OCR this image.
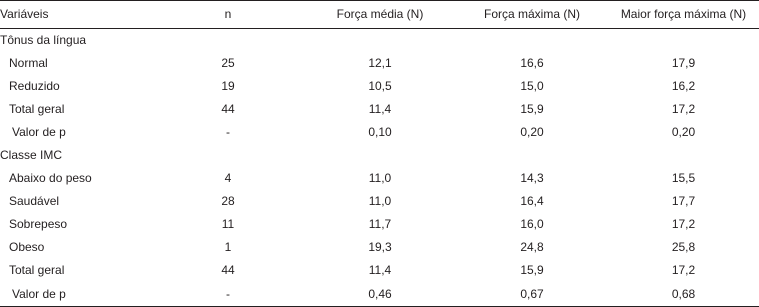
Variáveis	n	Força média (N)	Força máxima (N)	Maior força máxima (N)
Tônus da língua				
Normal	25	12,1	16,6	17,9
Reduzido	19	10,5	15,0	16,2
Total geral	44	11,4	15,9	17,2
Valor de p	-	0,10	0,20	0,20
Classe IMC				
Abaixo do peso	4	11,0	14,3	15,5
Saudável	28	11,0	16,4	17,7
Sobrepeso	11	11,7	16,0	17,2
Obeso	1	19,3	24,8	25,8
Total geral	44	11,4	15,9	17,2
Valor de p	-	0,46	0,67	0,68
